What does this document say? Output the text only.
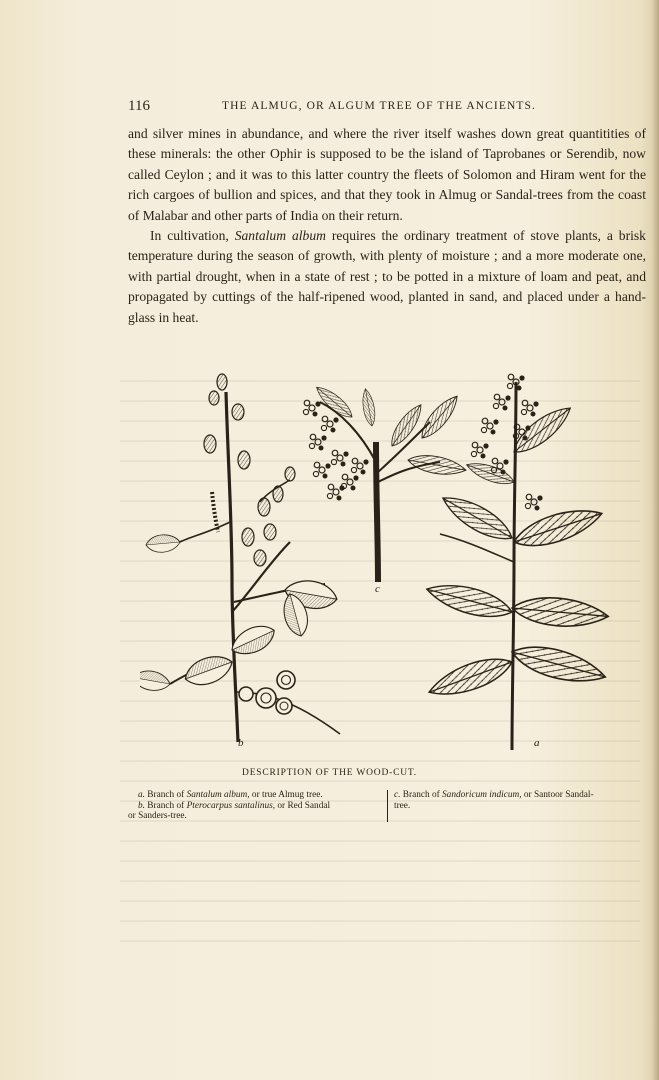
116	THE ALMUG, OR ALGUM TREE OF THE ANCIENTS.

and silver mines in abundance, and where the river itself washes down great quantitities of these minerals: the other Ophir is supposed to be the island of Taprobanes or Serendib, now called Ceylon ; and it was to this latter country the fleets of Solomon and Hiram went for the rich cargoes of bullion and spices, and that they took in Almug or Sandal-trees from the coast of Malabar and other parts of India on their return.

In cultivation, Santalum album requires the ordinary treatment of stove plants, a brisk temperature during the season of growth, with plenty of moisture ; and a more moderate one, with partial drought, when in a state of rest ; to be potted in a mixture of loam and peat, and propagated by cuttings of the half-ripened wood, planted in sand, and placed under a hand-glass in heat.

b
c
a
DESCRIPTION OF THE WOOD-CUT.
a. Branch of Santalum album, or true Almug tree.
b. Branch of Pterocarpus santalinus, or Red Sandal
or Sanders-tree.
c. Branch of Sandoricum indicum, or Santoor Sandal-
tree.
